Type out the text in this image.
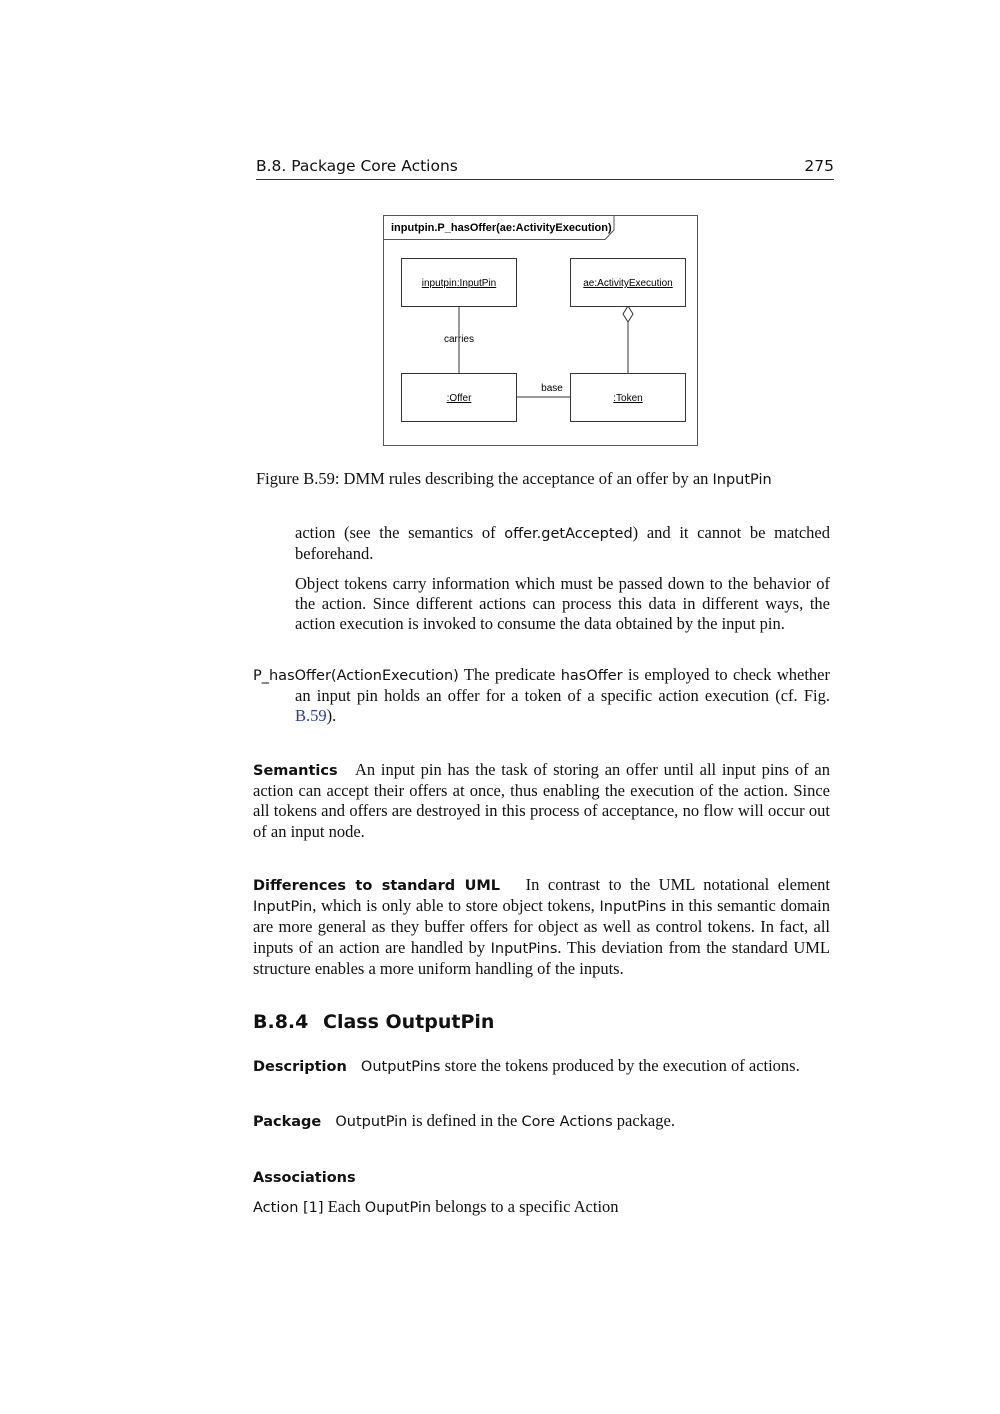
B.8. Package Core Actions	275
inputpin.P_hasOffer(ae:ActivityExecution)
inputpin:InputPin	ae:ActivityExecution
:Offer	:Token
carries
base
Figure B.59: DMM rules describing the acceptance of an offer by an InputPin
action (see the semantics of offer.getAccepted) and it cannot be matched beforehand.
Object tokens carry information which must be passed down to the behavior of the action. Since different actions can process this data in different ways, the action execution is invoked to consume the data obtained by the input pin.
P_hasOffer(ActionExecution) The predicate hasOffer is employed to check whether an input pin holds an offer for a token of a specific action execution (cf. Fig. B.59).
Semantics An input pin has the task of storing an offer until all input pins of an action can accept their offers at once, thus enabling the execution of the action. Since all tokens and offers are destroyed in this process of acceptance, no flow will occur out of an input node.
Differences to standard UML In contrast to the UML notational element InputPin, which is only able to store object tokens, InputPins in this semantic domain are more general as they buffer offers for object as well as control tokens. In fact, all inputs of an action are handled by InputPins. This deviation from the standard UML structure enables a more uniform handling of the inputs.
B.8.4 Class OutputPin
Description OutputPins store the tokens produced by the execution of actions.
Package OutputPin is defined in the Core Actions package.
Associations
Action [1] Each OuputPin belongs to a specific Action
